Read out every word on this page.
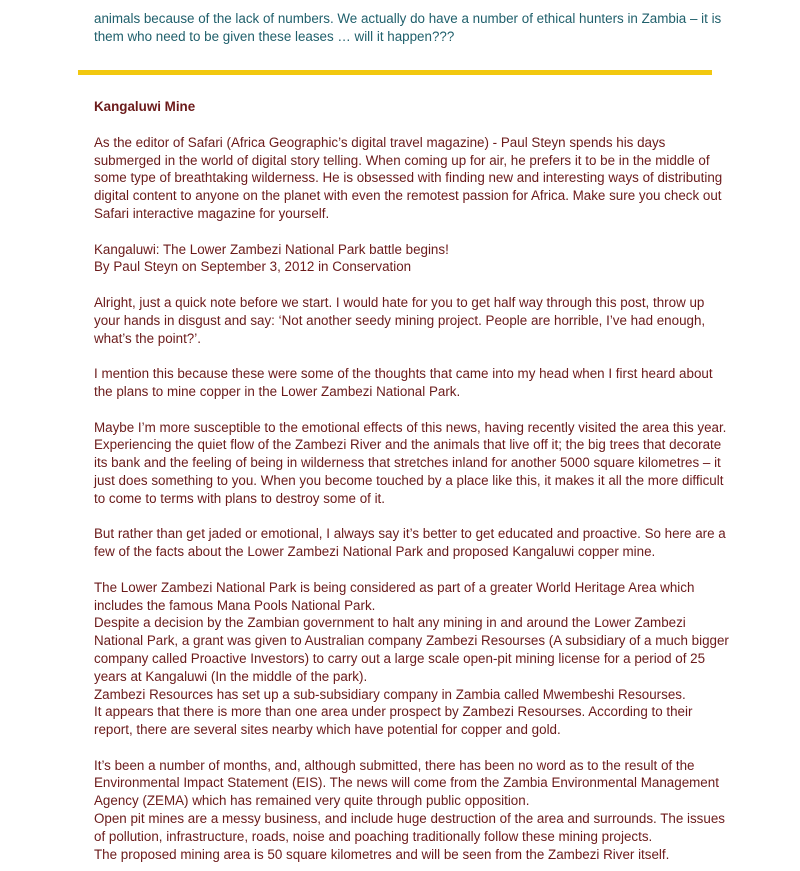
animals because of the lack of numbers. We actually do have a number of ethical hunters in Zambia – it is them who need to be given these leases … will it happen???

Kangaluwi Mine

As the editor of Safari (Africa Geographic’s digital travel magazine) - Paul Steyn spends his days submerged in the world of digital story telling. When coming up for air, he prefers it to be in the middle of some type of breathtaking wilderness. He is obsessed with finding new and interesting ways of distributing digital content to anyone on the planet with even the remotest passion for Africa. Make sure you check out Safari interactive magazine for yourself.

Kangaluwi: The Lower Zambezi National Park battle begins!
By Paul Steyn on September 3, 2012 in Conservation

Alright, just a quick note before we start. I would hate for you to get half way through this post, throw up your hands in disgust and say: ‘Not another seedy mining project. People are horrible, I’ve had enough, what’s the point?’.

I mention this because these were some of the thoughts that came into my head when I first heard about the plans to mine copper in the Lower Zambezi National Park.

Maybe I’m more susceptible to the emotional effects of this news, having recently visited the area this year. Experiencing the quiet flow of the Zambezi River and the animals that live off it; the big trees that decorate its bank and the feeling of being in wilderness that stretches inland for another 5000 square kilometres – it just does something to you. When you become touched by a place like this, it makes it all the more difficult to come to terms with plans to destroy some of it.

But rather than get jaded or emotional, I always say it’s better to get educated and proactive. So here are a few of the facts about the Lower Zambezi National Park and proposed Kangaluwi copper mine.

The Lower Zambezi National Park is being considered as part of a greater World Heritage Area which includes the famous Mana Pools National Park.

Despite a decision by the Zambian government to halt any mining in and around the Lower Zambezi National Park, a grant was given to Australian company Zambezi Resourses (A subsidiary of a much bigger company called Proactive Investors) to carry out a large scale open-pit mining license for a period of 25 years at Kangaluwi (In the middle of the park).

Zambezi Resources has set up a sub-subsidiary company in Zambia called Mwembeshi Resourses.

It appears that there is more than one area under prospect by Zambezi Resourses. According to their report, there are several sites nearby which have potential for copper and gold.

It’s been a number of months, and, although submitted, there has been no word as to the result of the Environmental Impact Statement (EIS). The news will come from the Zambia Environmental Management Agency (ZEMA) which has remained very quite through public opposition.

Open pit mines are a messy business, and include huge destruction of the area and surrounds. The issues of pollution, infrastructure, roads, noise and poaching traditionally follow these mining projects.

The proposed mining area is 50 square kilometres and will be seen from the Zambezi River itself.
